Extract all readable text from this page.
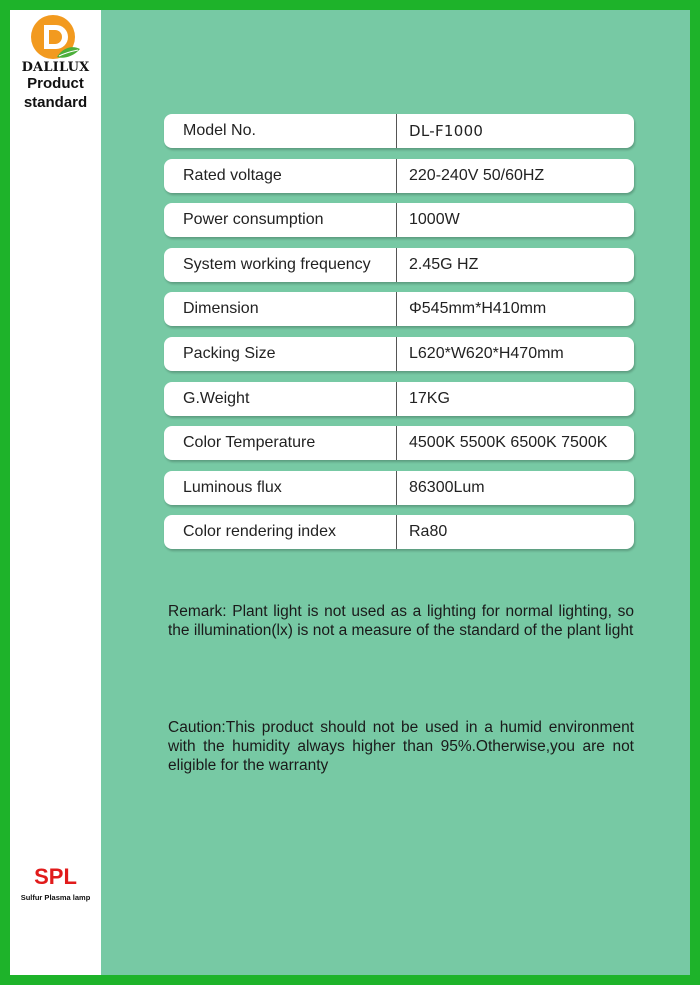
DALILUX
Product standard
Model No.	DL-F1000
Rated voltage	220-240V 50/60HZ
Power consumption	1000W
System working frequency 2.45G HZ
Dimension	Φ545mm*H410mm
Packing Size	L620*W620*H470mm
G.Weight	17KG
Color Temperature	4500K 5500K 6500K 7500K
Luminous flux	86300Lum
Color rendering index	Ra80
Remark: Plant light is not used as a lighting for normal lighting, so the illumination(lx) is not a measure of the standard of the plant light
Caution:This product should not be used in a humid environment with the humidity always higher than 95%.Otherwise,you are not eligible for the warranty
SPL
Sulfur Plasma lamp
